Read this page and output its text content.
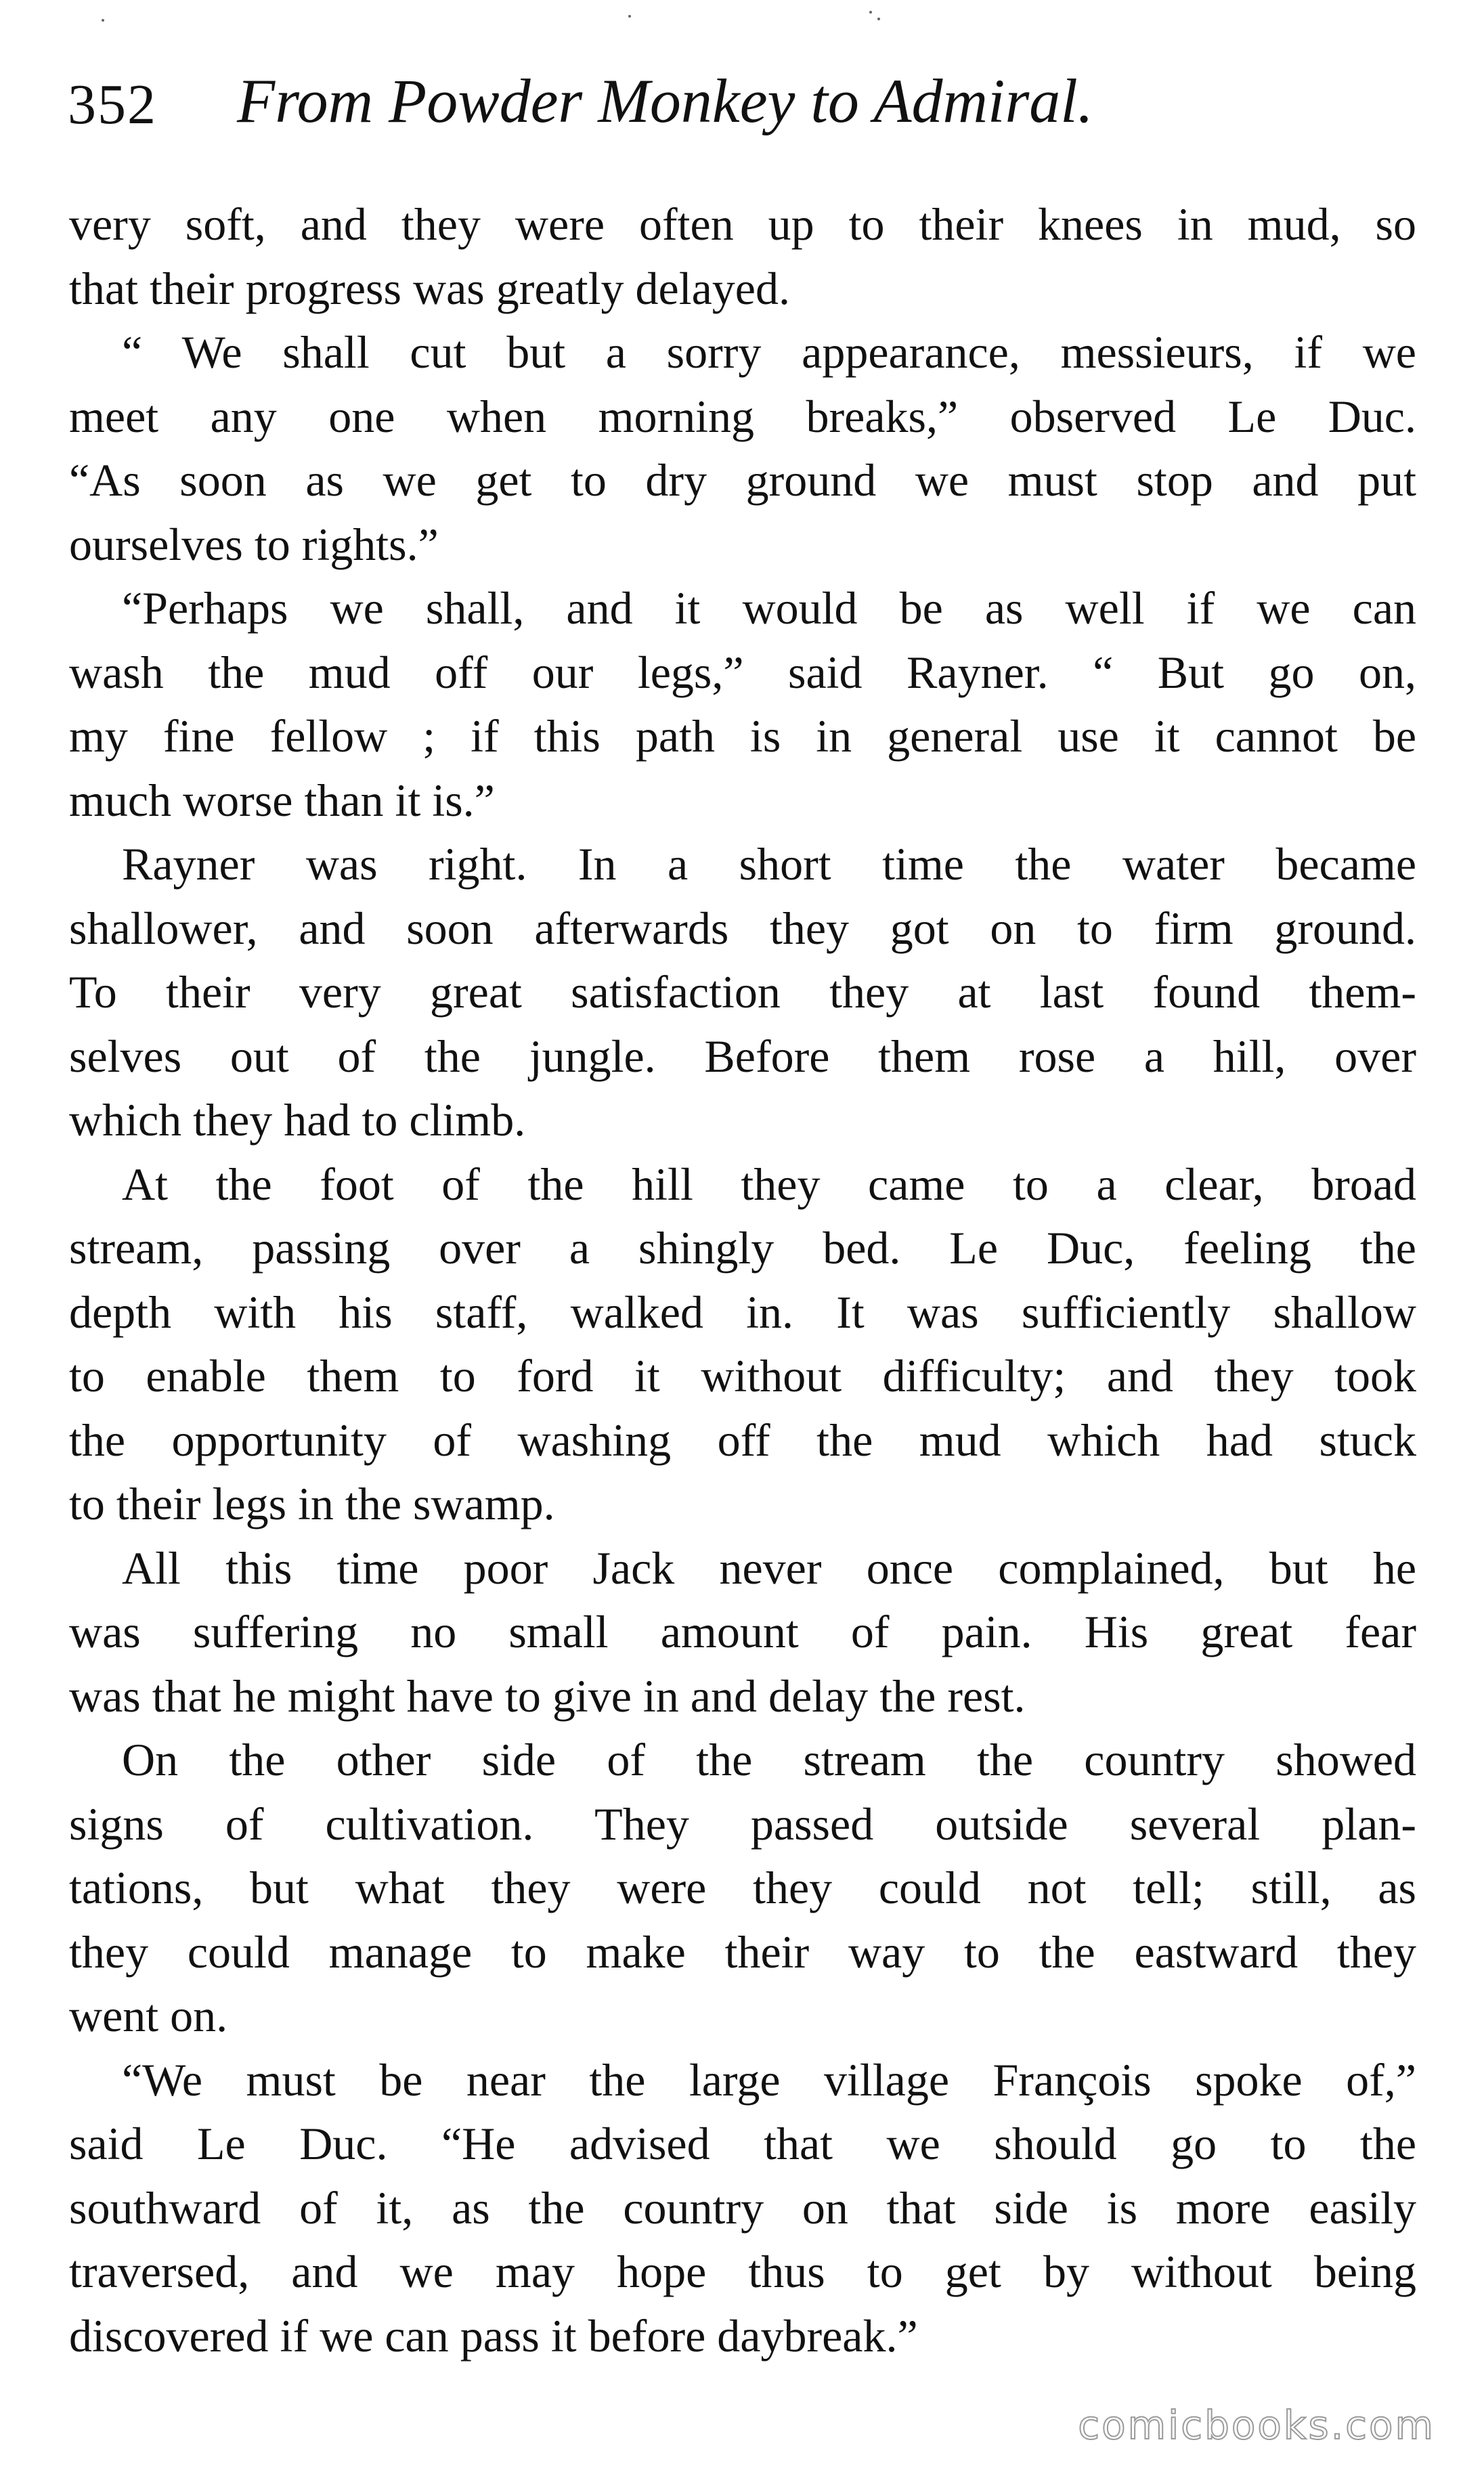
352 From Powder Monkey to Admiral.
very soft, and they were often up to their knees in mud, so
that their progress was greatly delayed.
“ We shall cut but a sorry appearance, messieurs, if we
meet any one when morning breaks,” observed Le Duc.
“As soon as we get to dry ground we must stop and put
ourselves to rights.”
“Perhaps we shall, and it would be as well if we can
wash the mud off our legs,” said Rayner. “ But go on,
my fine fellow ; if this path is in general use it cannot be
much worse than it is.”
Rayner was right. In a short time the water became
shallower, and soon afterwards they got on to firm ground.
To their very great satisfaction they at last found them-
selves out of the jungle. Before them rose a hill, over
which they had to climb.
At the foot of the hill they came to a clear, broad
stream, passing over a shingly bed. Le Duc, feeling the
depth with his staff, walked in. It was sufficiently shallow
to enable them to ford it without difficulty; and they took
the opportunity of washing off the mud which had stuck
to their legs in the swamp.
All this time poor Jack never once complained, but he
was suffering no small amount of pain. His great fear
was that he might have to give in and delay the rest.
On the other side of the stream the country showed
signs of cultivation. They passed outside several plan-
tations, but what they were they could not tell; still, as
they could manage to make their way to the eastward they
went on.
“We must be near the large village François spoke of,”
said Le Duc. “He advised that we should go to the
southward of it, as the country on that side is more easily
traversed, and we may hope thus to get by without being
discovered if we can pass it before daybreak.”
comicbooks.com
